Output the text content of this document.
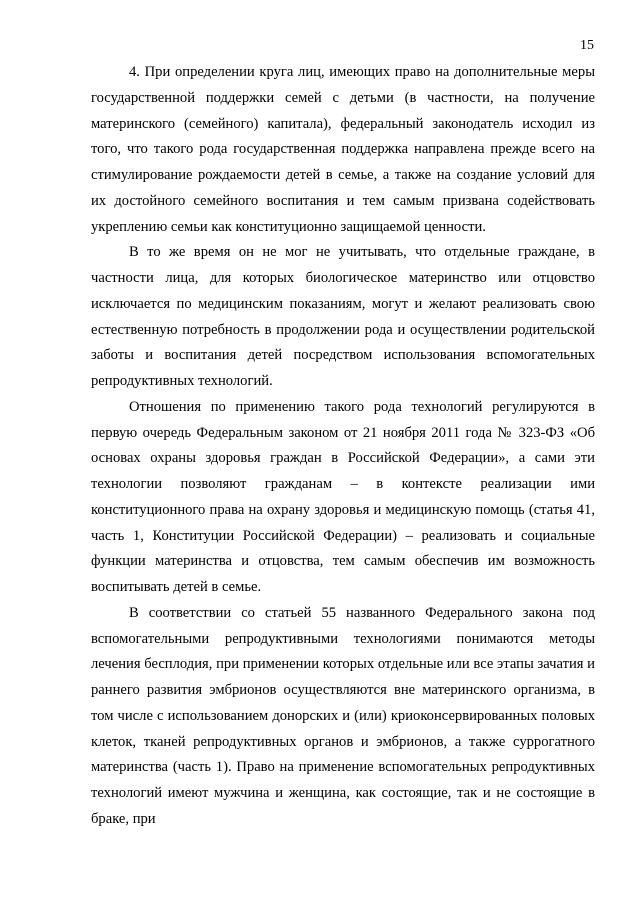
15

4. При определении круга лиц, имеющих право на дополнительные меры государственной поддержки семей с детьми (в частности, на получение материнского (семейного) капитала), федеральный законодатель исходил из того, что такого рода государственная поддержка направлена прежде всего на стимулирование рождаемости детей в семье, а также на создание условий для их достойного семейного воспитания и тем самым призвана содействовать укреплению семьи как конституционно защищаемой ценности.

В то же время он не мог не учитывать, что отдельные граждане, в частности лица, для которых биологическое материнство или отцовство исключается по медицинским показаниям, могут и желают реализовать свою естественную потребность в продолжении рода и осуществлении родительской заботы и воспитания детей посредством использования вспомогательных репродуктивных технологий.

Отношения по применению такого рода технологий регулируются в первую очередь Федеральным законом от 21 ноября 2011 года № 323-ФЗ «Об основах охраны здоровья граждан в Российской Федерации», а сами эти технологии позволяют гражданам – в контексте реализации ими конституционного права на охрану здоровья и медицинскую помощь (статья 41, часть 1, Конституции Российской Федерации) – реализовать и социальные функции материнства и отцовства, тем самым обеспечив им возможность воспитывать детей в семье.

В соответствии со статьей 55 названного Федерального закона под вспомогательными репродуктивными технологиями понимаются методы лечения бесплодия, при применении которых отдельные или все этапы зачатия и раннего развития эмбрионов осуществляются вне материнского организма, в том числе с использованием донорских и (или) криоконсервированных половых клеток, тканей репродуктивных органов и эмбрионов, а также суррогатного материнства (часть 1). Право на применение вспомогательных репродуктивных технологий имеют мужчина и женщина, как состоящие, так и не состоящие в браке, при
